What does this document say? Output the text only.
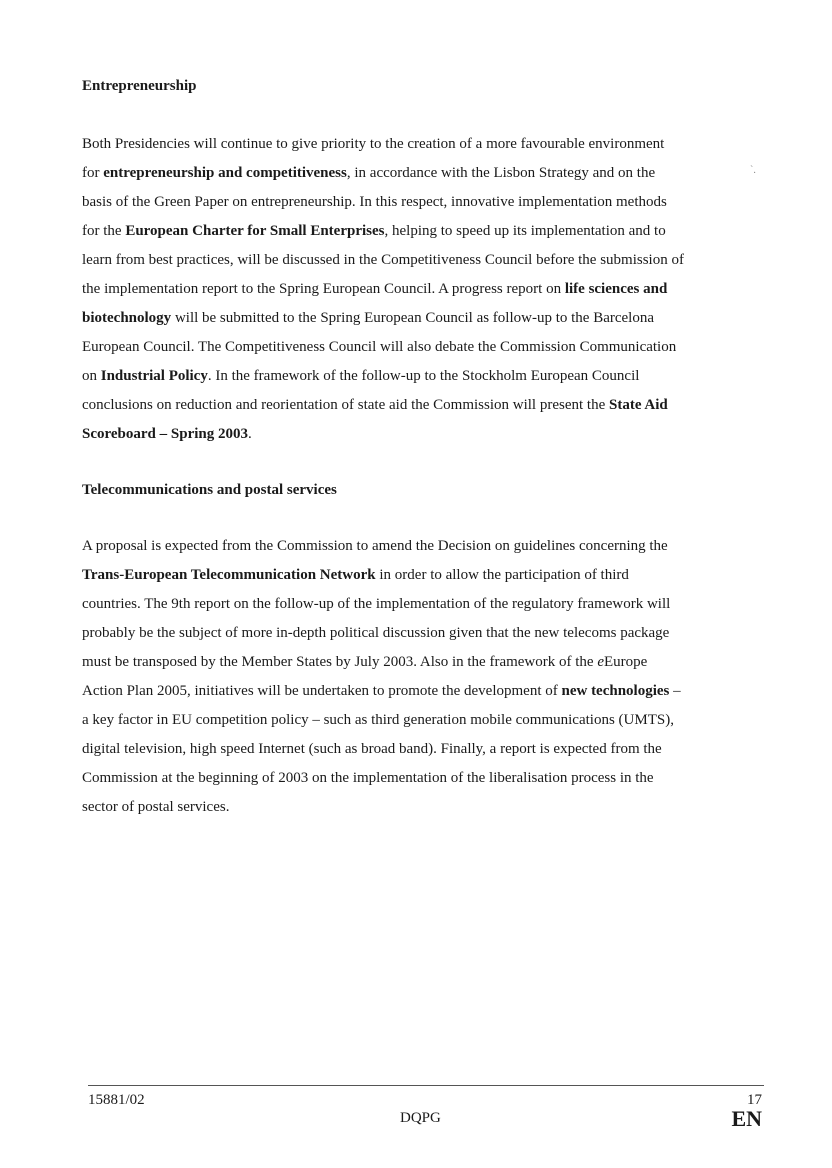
`.
Entrepreneurship
Both Presidencies will continue to give priority to the creation of a more favourable environment
for entrepreneurship and competitiveness, in accordance with the Lisbon Strategy and on the
basis of the Green Paper on entrepreneurship. In this respect, innovative implementation methods
for the European Charter for Small Enterprises, helping to speed up its implementation and to
learn from best practices, will be discussed in the Competitiveness Council before the submission of
the implementation report to the Spring European Council. A progress report on life sciences and
biotechnology will be submitted to the Spring European Council as follow-up to the Barcelona
European Council. The Competitiveness Council will also debate the Commission Communication
on Industrial Policy. In the framework of the follow-up to the Stockholm European Council
conclusions on reduction and reorientation of state aid the Commission will present the State Aid
Scoreboard – Spring 2003.
Telecommunications and postal services
A proposal is expected from the Commission to amend the Decision on guidelines concerning the
Trans-European Telecommunication Network in order to allow the participation of third
countries. The 9th report on the follow-up of the implementation of the regulatory framework will
probably be the subject of more in-depth political discussion given that the new telecoms package
must be transposed by the Member States by July 2003. Also in the framework of the eEurope
Action Plan 2005, initiatives will be undertaken to promote the development of new technologies –
a key factor in EU competition policy – such as third generation mobile communications (UMTS),
digital television, high speed Internet (such as broad band). Finally, a report is expected from the
Commission at the beginning of 2003 on the implementation of the liberalisation process in the
sector of postal services.
15881/02
DQPG
17
EN
